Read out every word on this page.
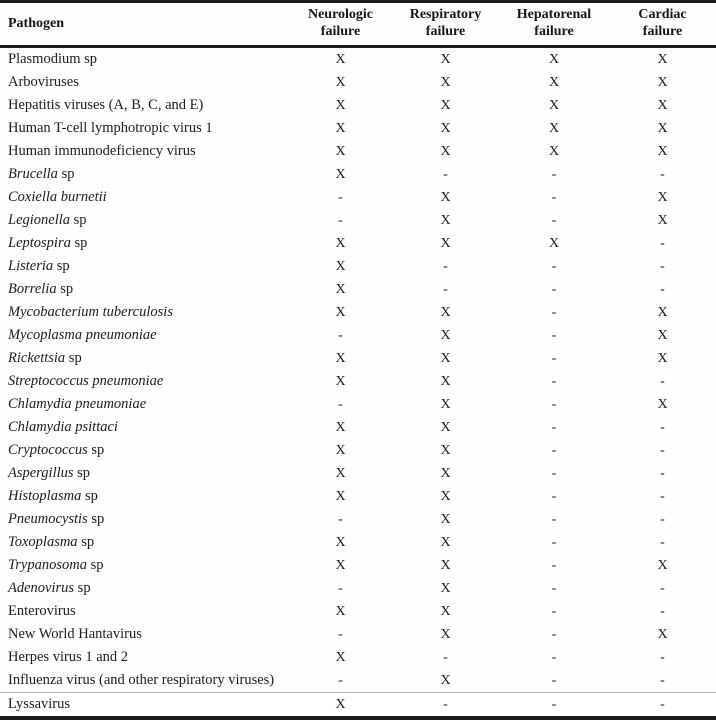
Pathogen	Neurologic failure	Respiratory failure	Hepatorenal failure	Cardiac failure
Plasmodium sp	X	X	X	X
Arboviruses	X	X	X	X
Hepatitis viruses (A, B, C, and E)	X	X	X	X
Human T-cell lymphotropic virus 1	X	X	X	X
Human immunodeficiency virus	X	X	X	X
Brucella sp	X	-	-	-
Coxiella burnetii	-	X	-	X
Legionella sp	-	X	-	X
Leptospira sp	X	X	X	-
Listeria sp	X	-	-	-
Borrelia sp	X	-	-	-
Mycobacterium tuberculosis	X	X	-	X
Mycoplasma pneumoniae	-	X	-	X
Rickettsia sp	X	X	-	X
Streptococcus pneumoniae	X	X	-	-
Chlamydia pneumoniae	-	X	-	X
Chlamydia psittaci	X	X	-	-
Cryptococcus sp	X	X	-	-
Aspergillus sp	X	X	-	-
Histoplasma sp	X	X	-	-
Pneumocystis sp	-	X	-	-
Toxoplasma sp	X	X	-	-
Trypanosoma sp	X	X	-	X
Adenovirus sp	-	X	-	-
Enterovirus	X	X	-	-
New World Hantavirus	-	X	-	X
Herpes virus 1 and 2	X	-	-	-
Influenza virus (and other respiratory viruses)	-	X	-	-
Lyssavirus	X	-	-	-
